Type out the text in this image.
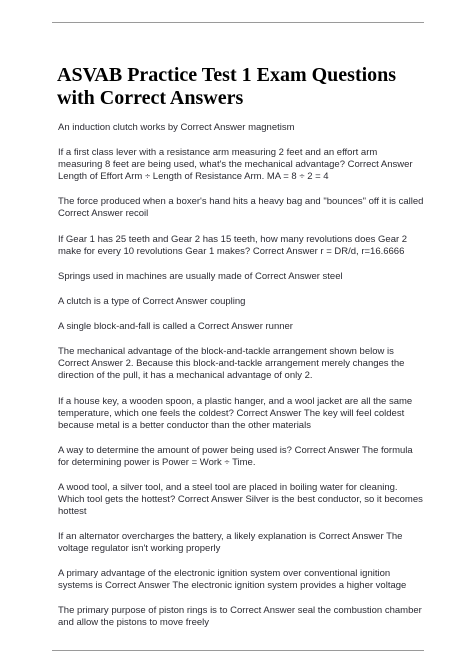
ASVAB Practice Test 1 Exam Questions with Correct Answers
An induction clutch works by Correct Answer magnetism
If a first class lever with a resistance arm measuring 2 feet and an effort arm measuring 8 feet are being used, what's the mechanical advantage? Correct Answer Length of Effort Arm ÷ Length of Resistance Arm. MA = 8 ÷ 2 = 4
The force produced when a boxer's hand hits a heavy bag and "bounces" off it is called Correct Answer recoil
If Gear 1 has 25 teeth and Gear 2 has 15 teeth, how many revolutions does Gear 2 make for every 10 revolutions Gear 1 makes? Correct Answer r = DR/d, r=16.6666
Springs used in machines are usually made of Correct Answer steel
A clutch is a type of Correct Answer coupling
A single block-and-fall is called a Correct Answer runner
The mechanical advantage of the block-and-tackle arrangement shown below is Correct Answer 2. Because this block-and-tackle arrangement merely changes the direction of the pull, it has a mechanical advantage of only 2.
If a house key, a wooden spoon, a plastic hanger, and a wool jacket are all the same temperature, which one feels the coldest? Correct Answer The key will feel coldest because metal is a better conductor than the other materials
A way to determine the amount of power being used is? Correct Answer The formula for determining power is Power = Work ÷ Time.
A wood tool, a silver tool, and a steel tool are placed in boiling water for cleaning. Which tool gets the hottest? Correct Answer Silver is the best conductor, so it becomes hottest
If an alternator overcharges the battery, a likely explanation is Correct Answer The voltage regulator isn't working properly
A primary advantage of the electronic ignition system over conventional ignition systems is Correct Answer The electronic ignition system provides a higher voltage
The primary purpose of piston rings is to Correct Answer seal the combustion chamber and allow the pistons to move freely
